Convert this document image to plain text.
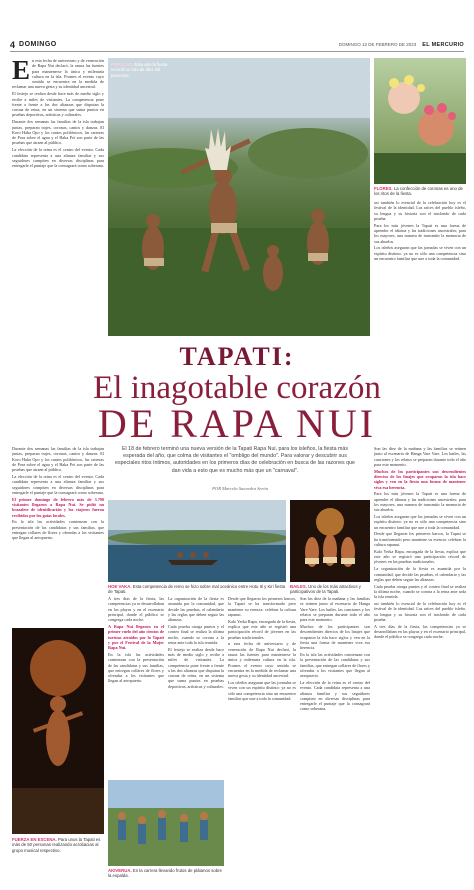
4 DOMINGO	DOMINGO 12 DE FEBRERO DE 2023 EL MERCURIO
E n esta fecha de aniversario y de veneración de Rapa Nui declaró, la rauna las fuentes para mantenerse la única y milenaria cultura en la isla. Promes el evento cuyo sentido se encuentra en la medida de reclamar una nueva gesta y su identidad ancestral.

El festejo se realiza desde hace más de medio siglo y recibe a miles de visitantes. La competencia pone frente a frente a las dos alianzas que disputan la corona de reina, en un sistema que suma puntos en pruebas deportivas, artísticas y culturales.

Durante dos semanas las familias de la isla trabajan juntas, preparan trajes, coronas, cantos y danzas. El Koro Haka Opo y los cantos polifónicos, las carreras de Pora sobre el agua y el Haka Pei son parte de las pruebas que atraen al público.

La elección de la reina es el centro del evento. Cada candidata representa a una alianza familiar y sus seguidores compiten en diversas disciplinas para entregarle el puntaje que la consagrará como soberana.

POPULAR. Esta año la fiesta recordó a más de diez mil personas.
FLORES. La confección de coronas es uno de los ritos de la fiesta.

asi también lo esencial de la celebración hoy es el festival de la identidad. Las raíces del pueblo isleño, su lengua y su historia son el trasfondo de cada prueba.

Para los más jóvenes la Tapati es una forma de aprender el idioma y las tradiciones ancestrales; para los mayores, una manera de transmitir la memoria de sus abuelos.

Los isleños aseguran que las jornadas se viven con un espíritu distinto: ya no es sólo una competencia sino un encuentro familiar que une a toda la comunidad.

TAPATI:
El inagotable corazón
DE RAPA NUI
El 18 de febrero terminó una nueva versión de la Tapati Rapa Nui, para los isleños, la fiesta más esperada del año, que colma de visitantes el "ombligo del mundo". Para valorar y descubrir sus especiales ritos íntimos, autoridades en los primeros días de celebración en busca de las razones que dan vida a esto que es mucho más que un "carnaval".
POR Marcela Saavedra Serón

Durante dos semanas las familias de la isla trabajan juntas, preparan trajes, coronas, cantos y danzas. El Koro Haka Opo y los cantos polifónicos, las carreras de Pora sobre el agua y el Haka Pei son parte de las pruebas que atraen al público.

La elección de la reina es el centro del evento. Cada candidata representa a una alianza familiar y sus seguidores compiten en diversas disciplinas para entregarle el puntaje que la consagrará como soberana.

El primer domingo de febrero más de 3.700 visitantes llegaron a Rapa Nui. Se pidió un brazalete de identificación y los viajeros fueron recibidos por los guías locales.

En la isla las actividades comienzan con la presentación de las candidatas y sus familias, que entregan collares de flores y ofrendas a los visitantes que llegan al aeropuerto.

Son las diez de la mañana y las familias se reúnen junto al escenario de Hanga Vare Vare. Los bailes, las canciones y los relatos se preparan durante todo el año para este momento.

Muchos de los participantes son descendientes directos de los linajes que ocuparon la isla hace siglos y ven en la fiesta una forma de mantener viva esa herencia.

Para los más jóvenes la Tapati es una forma de aprender el idioma y las tradiciones ancestrales; para los mayores, una manera de transmitir la memoria de sus abuelos.

Los isleños aseguran que las jornadas se viven con un espíritu distinto: ya no es sólo una competencia sino un encuentro familiar que une a toda la comunidad.

Desde que llegaron los primeros barcos, la Tapati se ha transformado pero mantiene su esencia: celebrar la cultura rapanui.

Kalo Yerka Rapu, encargada de la fiesta, explica que este año se registró una participación récord de jóvenes en las pruebas tradicionales.

La organización de la fiesta es asumida por la comunidad, que decide las pruebas, el calendario y las reglas que deben seguir las alianzas.

Cada prueba otorga puntos y el conteo final se realiza la última noche, cuando se corona a la reina ante toda la isla reunida.

asi también lo esencial de la celebración hoy es el festival de la identidad. Las raíces del pueblo isleño, su lengua y su historia son el trasfondo de cada prueba.

A tres días de la fiesta, las competencias ya se desarrollaban en las playas y en el escenario principal, donde el público se congrega cada noche.

HOE VAKA. Esta competencia de remo se hizo sobre mal oceánico entre Hotu Iti y Kiri fiesta de Tapati.
BAILES. Uno de los más atractivos y participativos de la Tapati.

A tres días de la fiesta, las competencias ya se desarrollaban en las playas y en el escenario principal, donde el público se congrega cada noche.

A Rapa Nui llegaron en el primer vuelo del año cientos de turistas atraídos por la Tapati y por el Festival de la Mujer Rapa Nui.

En la isla las actividades comienzan con la presentación de las candidatas y sus familias, que entregan collares de flores y ofrendas a los visitantes que llegan al aeropuerto.

La organización de la fiesta es asumida por la comunidad, que decide las pruebas, el calendario y las reglas que deben seguir las alianzas.

Cada prueba otorga puntos y el conteo final se realiza la última noche, cuando se corona a la reina ante toda la isla reunida.

El festejo se realiza desde hace más de medio siglo y recibe a miles de visitantes. La competencia pone frente a frente a las dos alianzas que disputan la corona de reina, en un sistema que suma puntos en pruebas deportivas, artísticas y culturales.

Desde que llegaron los primeros barcos, la Tapati se ha transformado pero mantiene su esencia: celebrar la cultura rapanui.

Kalo Yerka Rapu, encargada de la fiesta, explica que este año se registró una participación récord de jóvenes en las pruebas tradicionales.

n esta fecha de aniversario y de veneración de Rapa Nui declaró, la rauna las fuentes para mantenerse la única y milenaria cultura en la isla. Promes el evento cuyo sentido se encuentra en la medida de reclamar una nueva gesta y su identidad ancestral.

Los isleños aseguran que las jornadas se viven con un espíritu distinto: ya no es sólo una competencia sino un encuentro familiar que une a toda la comunidad.

Son las diez de la mañana y las familias se reúnen junto al escenario de Hanga Vare Vare. Los bailes, las canciones y los relatos se preparan durante todo el año para este momento.

Muchos de los participantes son descendientes directos de los linajes que ocuparon la isla hace siglos y ven en la fiesta una forma de mantener viva esa herencia.

En la isla las actividades comienzan con la presentación de las candidatas y sus familias, que entregan collares de flores y ofrendas a los visitantes que llegan al aeropuerto.

La elección de la reina es el centro del evento. Cada candidata representa a una alianza familiar y sus seguidores compiten en diversas disciplinas para entregarle el puntaje que la consagrará como soberana.

FUERZA EN ESCENA. Para unos la Tapati es más de 50 personas realizando acrobacias al grupo musical respectivo.
AKIVERUA. En la carrera llevando frutos de plátanos sobre la espalda.
